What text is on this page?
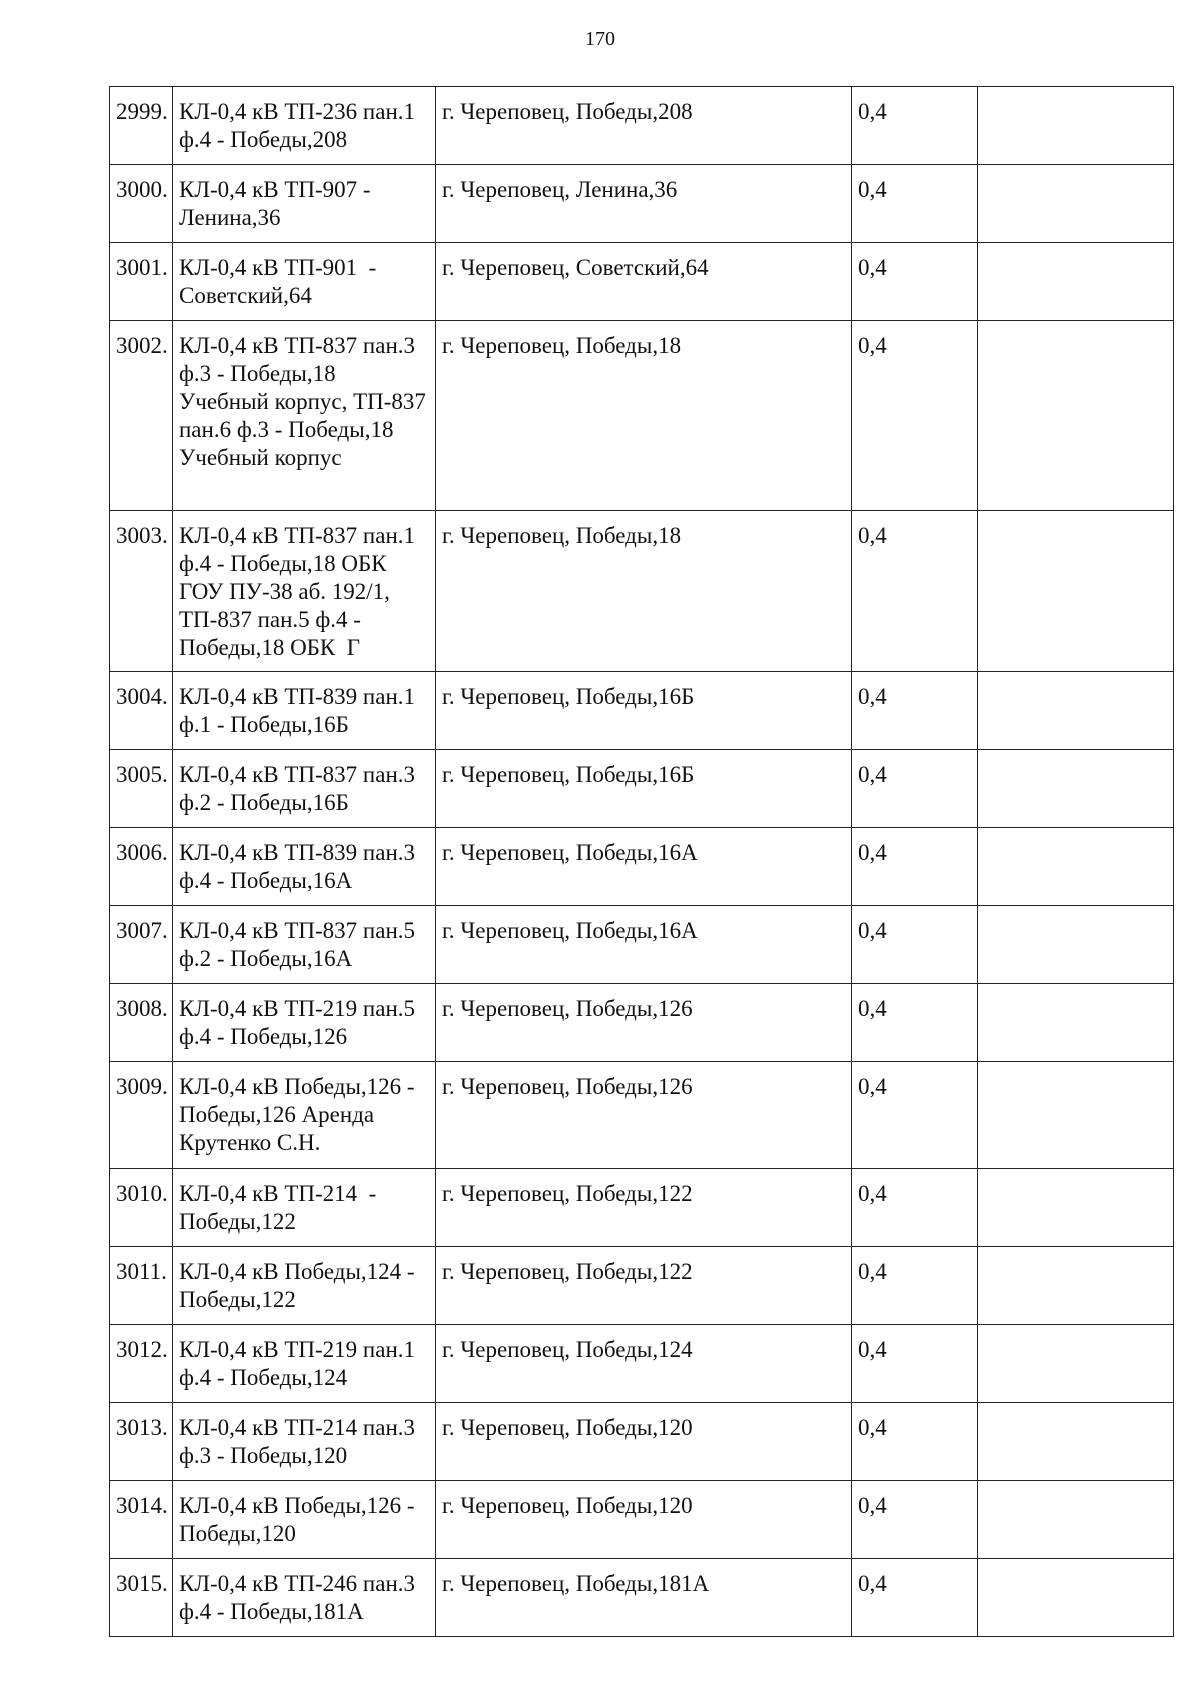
170
2999.	КЛ-0,4 кВ ТП-236 пан.1 ф.4 - Победы,208	г. Череповец, Победы,208	0,4	
3000.	КЛ-0,4 кВ ТП-907 - Ленина,36	г. Череповец, Ленина,36	0,4	
3001.	КЛ-0,4 кВ ТП-901  - Советский,64	г. Череповец, Советский,64	0,4	
3002.	КЛ-0,4 кВ ТП-837 пан.3 ф.3 - Победы,18 Учебный корпус, ТП-837 пан.6 ф.3 - Победы,18 Учебный корпус	г. Череповец, Победы,18	0,4	
3003.	КЛ-0,4 кВ ТП-837 пан.1 ф.4 - Победы,18 ОБК ГОУ ПУ-38 аб. 192/1, ТП-837 пан.5 ф.4 - Победы,18 ОБК  Г	г. Череповец, Победы,18	0,4	
3004.	КЛ-0,4 кВ ТП-839 пан.1 ф.1 - Победы,16Б	г. Череповец, Победы,16Б	0,4	
3005.	КЛ-0,4 кВ ТП-837 пан.3 ф.2 - Победы,16Б	г. Череповец, Победы,16Б	0,4	
3006.	КЛ-0,4 кВ ТП-839 пан.3 ф.4 - Победы,16А	г. Череповец, Победы,16А	0,4	
3007.	КЛ-0,4 кВ ТП-837 пан.5 ф.2 - Победы,16А	г. Череповец, Победы,16А	0,4	
3008.	КЛ-0,4 кВ ТП-219 пан.5 ф.4 - Победы,126	г. Череповец, Победы,126	0,4	
3009.	КЛ-0,4 кВ Победы,126 - Победы,126 Аренда Крутенко С.Н.	г. Череповец, Победы,126	0,4	
3010.	КЛ-0,4 кВ ТП-214  - Победы,122	г. Череповец, Победы,122	0,4	
3011.	КЛ-0,4 кВ Победы,124 - Победы,122	г. Череповец, Победы,122	0,4	
3012.	КЛ-0,4 кВ ТП-219 пан.1 ф.4 - Победы,124	г. Череповец, Победы,124	0,4	
3013.	КЛ-0,4 кВ ТП-214 пан.3 ф.3 - Победы,120	г. Череповец, Победы,120	0,4	
3014.	КЛ-0,4 кВ Победы,126 - Победы,120	г. Череповец, Победы,120	0,4	
3015.	КЛ-0,4 кВ ТП-246 пан.3 ф.4 - Победы,181А	г. Череповец, Победы,181А	0,4	
